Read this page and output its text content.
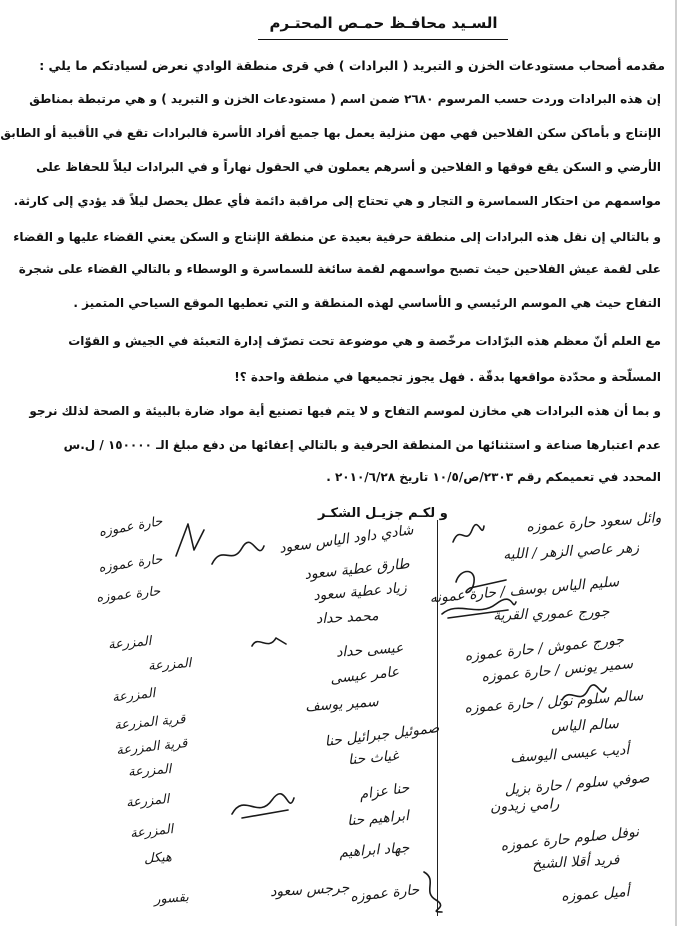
السـيد محافـظ حمـص المحتـرم
مقدمه أصحاب مستودعات الخزن و التبريد ( البرادات ) في قرى منطقة الوادي نعرض لسيادتكم ما يلي :
إن هذه البرادات وردت حسب المرسوم ٢٦٨٠ ضمن اسم ( مستودعات الخزن و التبريد ) و هي مرتبطة بمناطق
الإنتاج و بأماكن سكن الفلاحين فهي مهن منزلية يعمل بها جميع أفراد الأسرة فالبرادات تقع في الأقبية أو الطابق
الأرضي و السكن يقع فوقها و الفلاحين و أسرهم يعملون في الحقول نهاراً و في البرادات ليلاً للحفاظ على
مواسمهم من احتكار السماسرة و التجار و هي تحتاج إلى مراقبة دائمة فأي عطل يحصل ليلاً قد يؤدي إلى كارثة.
و بالتالي إن نقل هذه البرادات إلى منطقة حرفية بعيدة عن منطقة الإنتاج و السكن يعني القضاء عليها و القضاء
على لقمة عيش الفلاحين حيث تصبح مواسمهم لقمة سائغة للسماسرة و الوسطاء و بالتالي القضاء على شجرة
التفاح حيث هي الموسم الرئيسي و الأساسي لهذه المنطقة و التي تعطيها الموقع السياحي المتميز .
مع العلم أنّ معظم هذه البرّادات مرخّصة و هي موضوعة تحت تصرّف إدارة التعبئة في الجيش و القوّات
المسلّحة و محدّدة مواقعها بدقّة . فهل يجوز تجميعها في منطقة واحدة ؟!
و بما أن هذه البرادات هي مخازن لموسم التفاح و لا يتم فيها تصنيع أية مواد ضارة بالبيئة و الصحة لذلك نرجو
عدم اعتبارها صناعة و استثنائها من المنطقة الحرفية و بالتالي إعفائها من دفع مبلغ الـ ١٥٠٠٠٠ / ل.س
المحدد في تعميمكم رقم ٢٣٠٣/ص/١٠/٥ تاريخ ٢٠١٠/٦/٢٨ .
و لكـم جزيـل الشكـر	وائل سعود حارة عموزه
زهر عاصي الزهر / الليه
سليم الياس بوسف / حارة عمونه
جورج عموري القرية
جورج عموش / حارة عموزه
سمير يونس / حارة عموزه
سالم سلوم نونل / حارة عموزه
سالم الياس
أديب عيسى اليوسف
صوفي سلوم / حارة بزيل
رامي زيدون
نوفل صلوم حارة عموزه
فريد أقلا الشيخ
أميل عموزه
شادي داود الياس سعود
طارق عطية سعود
زياد عطية سعود
محمد حداد
عيسى حداد
عامر عيسى
سمير يوسف
صموئيل جبرائيل حنا
غياث حنا
حنا عزام
ابراهيم حنا
جهاد ابراهيم
جرجس سعود حارة عموزه
حارة عموزه
حارة عموزه
حارة عموزه
المزرعة
المزرعة
المزرعة
قرية المزرعة
قرية المزرعة
المزرعة
المزرعة
المزرعة
هيكل
بقسور
